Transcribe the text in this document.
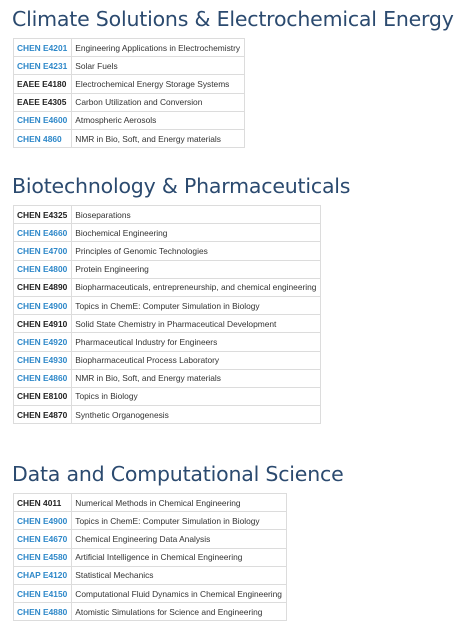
Climate Solutions & Electrochemical Energy
CHEN E4201	Engineering Applications in Electrochemistry
CHEN E4231	Solar Fuels
EAEE E4180	Electrochemical Energy Storage Systems
EAEE E4305	Carbon Utilization and Conversion
CHEN E4600	Atmospheric Aerosols
CHEN 4860	NMR in Bio, Soft, and Energy materials
Biotechnology & Pharmaceuticals
CHEN E4325	Bioseparations
CHEN E4660	Biochemical Engineering
CHEN E4700	Principles of Genomic Technologies
CHEN E4800	Protein Engineering
CHEN E4890	Biopharmaceuticals, entrepreneurship, and chemical engineering
CHEN E4900	Topics in ChemE: Computer Simulation in Biology
CHEN E4910	Solid State Chemistry in Pharmaceutical Development
CHEN E4920	Pharmaceutical Industry for Engineers
CHEN E4930	Biopharmaceutical Process Laboratory
CHEN E4860	NMR in Bio, Soft, and Energy materials
CHEN E8100	Topics in Biology
CHEN E4870	Synthetic Organogenesis
Data and Computational Science
CHEN 4011	Numerical Methods in Chemical Engineering
CHEN E4900	Topics in ChemE: Computer Simulation in Biology
CHEN E4670	Chemical Engineering Data Analysis
CHEN E4580	Artificial Intelligence in Chemical Engineering
CHAP E4120	Statistical Mechanics
CHEN E4150	Computational Fluid Dynamics in Chemical Engineering
CHEN E4880	Atomistic Simulations for Science and Engineering
